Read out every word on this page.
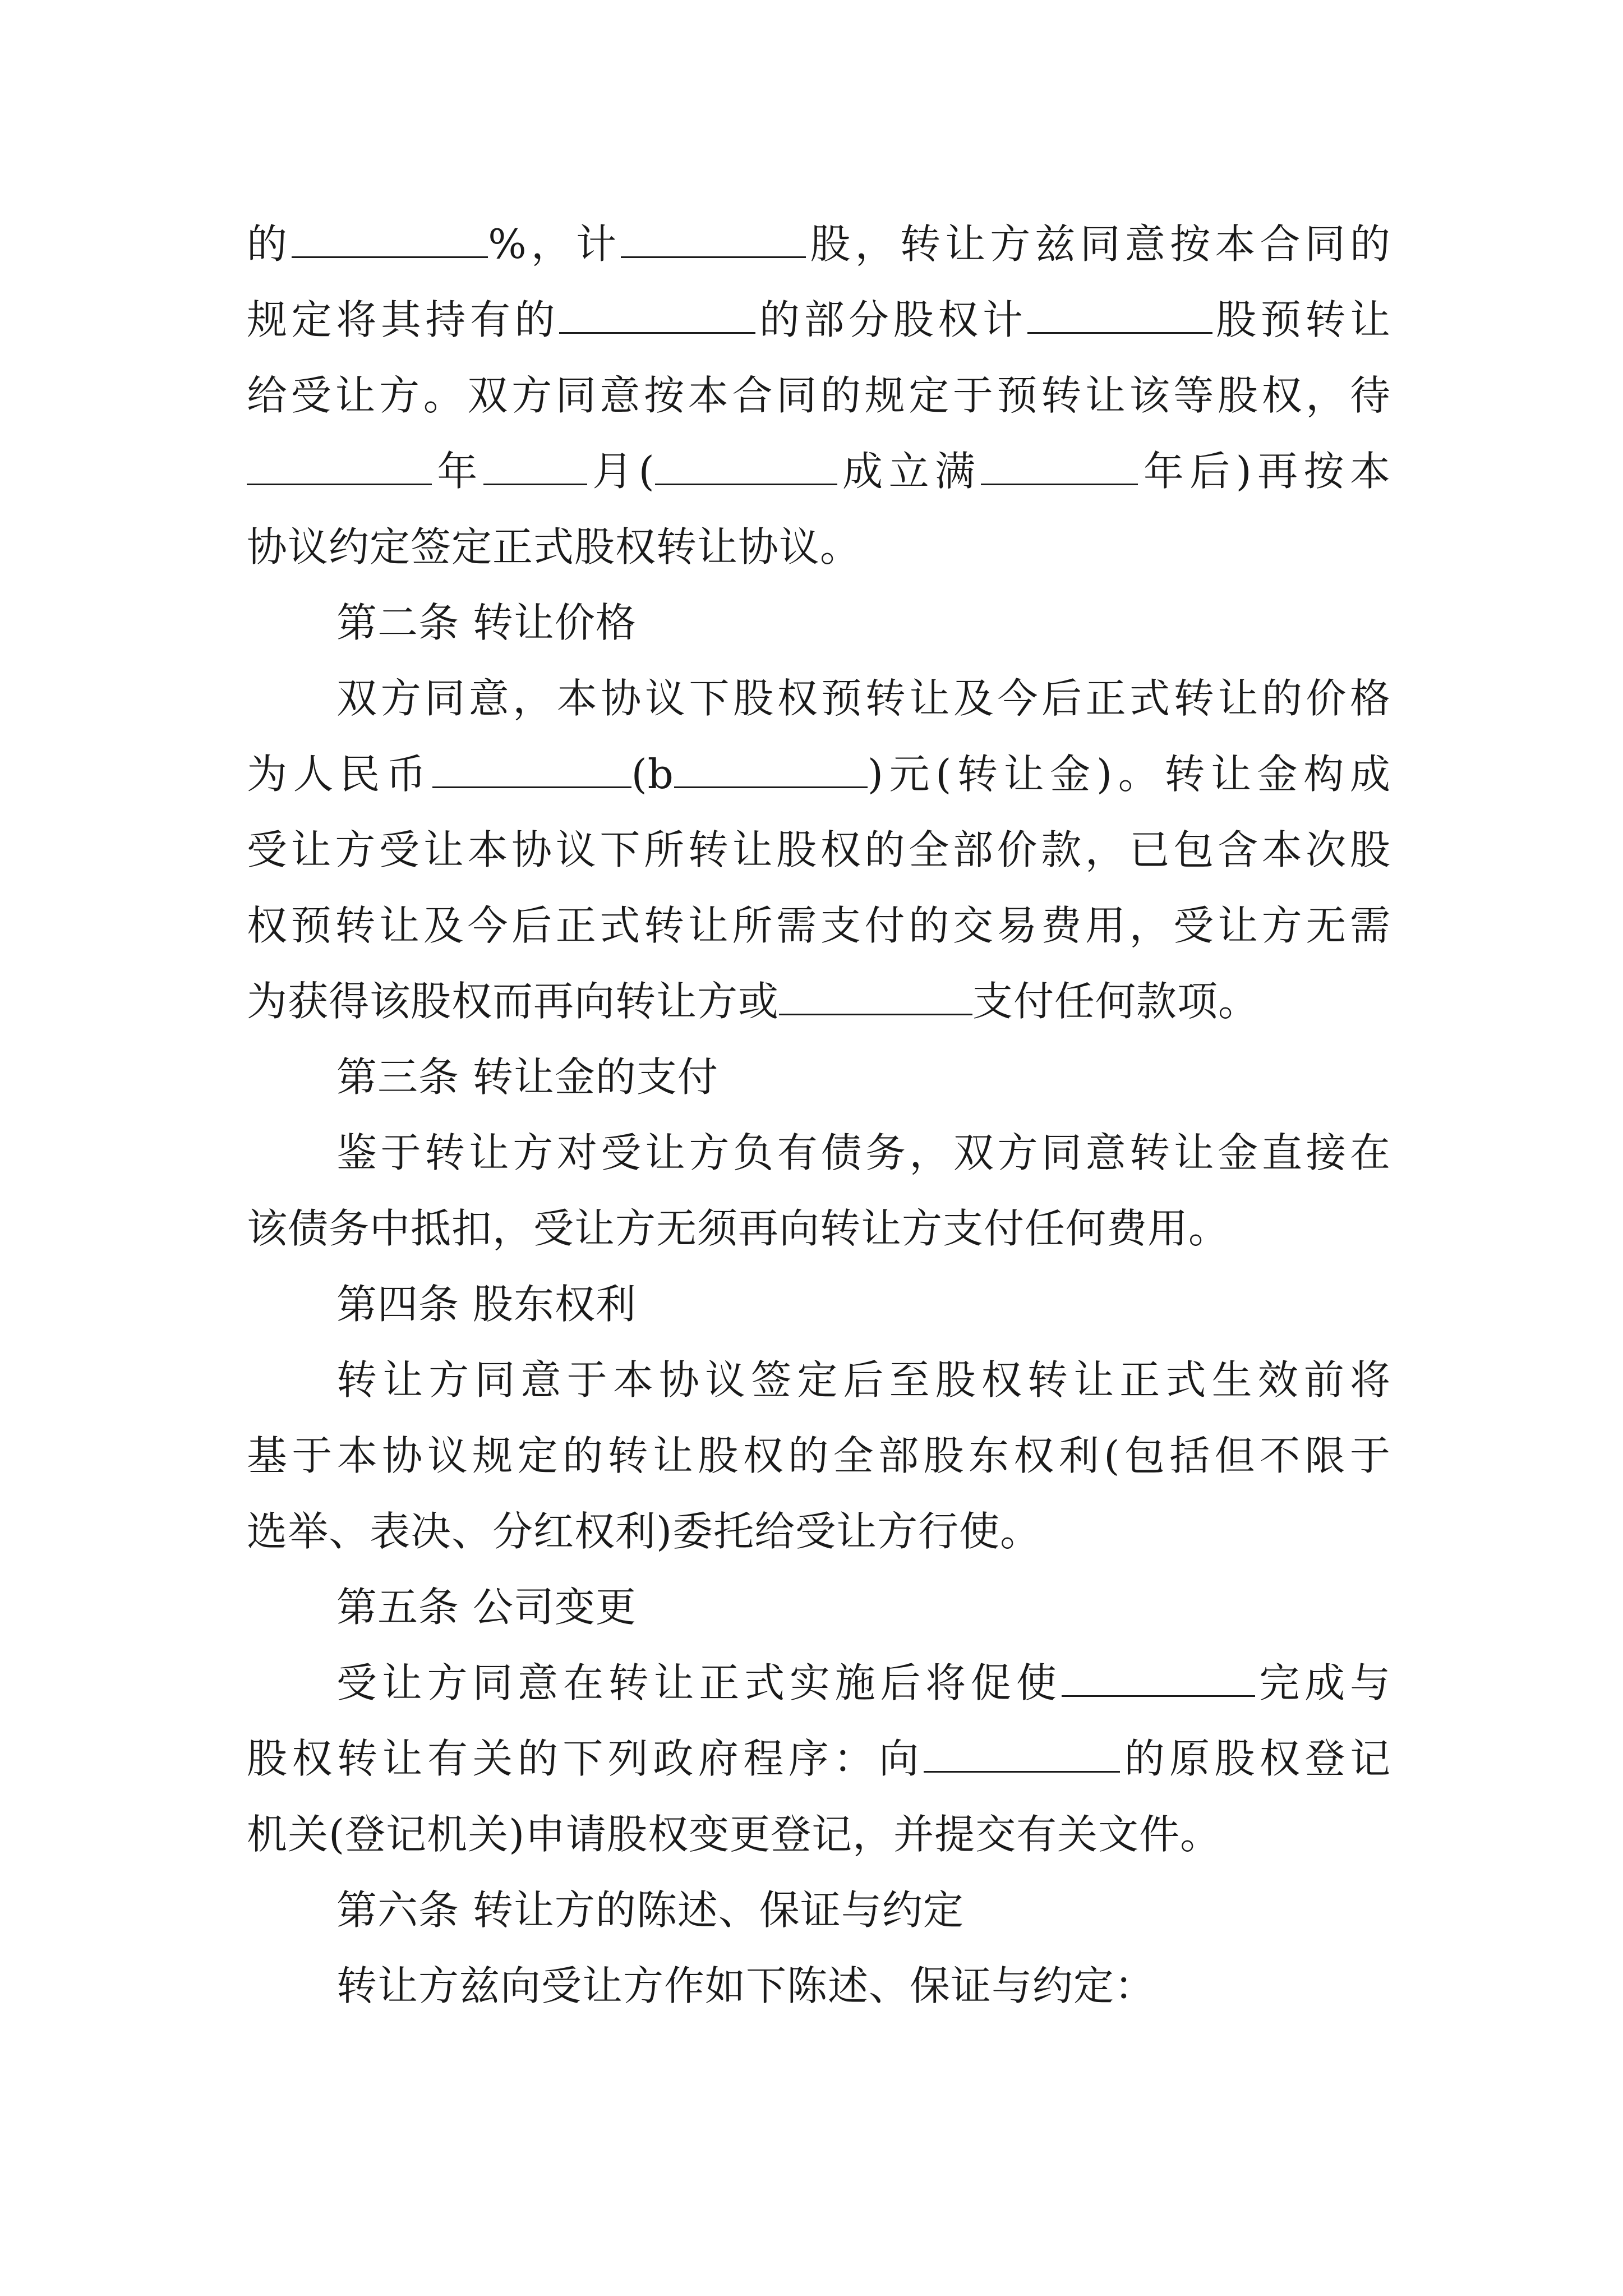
的	%，计	股，转让方兹同意按本合同的
规定将其持有的	的部分股权计	股预转让
给受让方。双方同意按本合同的规定于预转让该等股权，待
年	月(	成立满	年后)再按本
协议约定签定正式股权转让协议。
第二条 转让价格
双方同意，本协议下股权预转让及今后正式转让的价格
为人民币	(b	)元(转让金)。转让金构成
受让方受让本协议下所转让股权的全部价款，已包含本次股
权预转让及今后正式转让所需支付的交易费用，受让方无需
为获得该股权而再向转让方或	支付任何款项。
第三条 转让金的支付
鉴于转让方对受让方负有债务，双方同意转让金直接在
该债务中抵扣，受让方无须再向转让方支付任何费用。
第四条 股东权利
转让方同意于本协议签定后至股权转让正式生效前将
基于本协议规定的转让股权的全部股东权利(包括但不限于
选举、表决、分红权利)委托给受让方行使。
第五条 公司变更
受让方同意在转让正式实施后将促使	完成与
股权转让有关的下列政府程序：向	的原股权登记
机关(登记机关)申请股权变更登记，并提交有关文件。
第六条 转让方的陈述、保证与约定
转让方兹向受让方作如下陈述、保证与约定：
